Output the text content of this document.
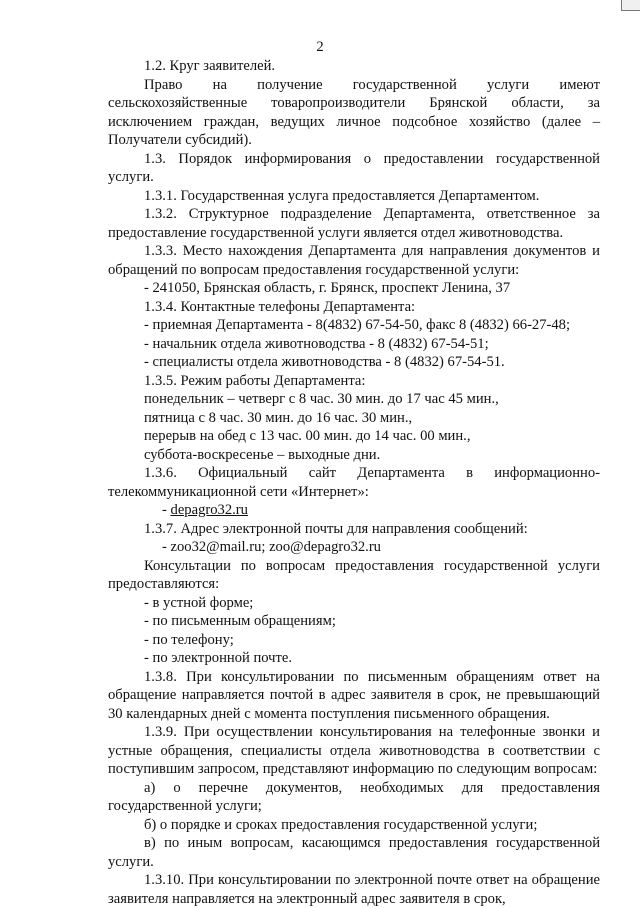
2

1.2. Круг заявителей.

Право на получение государственной услуги имеют сельскохозяйственные товаропроизводители Брянской области, за исключением граждан, ведущих личное подсобное хозяйство (далее – Получатели субсидий).

1.3. Порядок информирования о предоставлении государственной услуги.

1.3.1. Государственная услуга предоставляется Департаментом.

1.3.2. Структурное подразделение Департамента, ответственное за предоставление государственной услуги является отдел животноводства.

1.3.3. Место нахождения Департамента для направления документов и обращений по вопросам предоставления государственной услуги:

- 241050, Брянская область, г. Брянск, проспект Ленина, 37

1.3.4. Контактные телефоны Департамента:

- приемная Департамента - 8(4832) 67-54-50, факс 8 (4832) 66-27-48;

- начальник отдела животноводства - 8 (4832) 67-54-51;

- специалисты отдела животноводства - 8 (4832) 67-54-51.

1.3.5. Режим работы Департамента:

понедельник – четверг с 8 час. 30 мин. до 17 час 45 мин.,

пятница с 8 час. 30 мин. до 16 час. 30 мин.,

перерыв на обед с 13 час. 00 мин. до 14 час. 00 мин.,

суббота-воскресенье – выходные дни.

1.3.6. Официальный сайт Департамента в информационно-телекоммуникационной сети «Интернет»:

- depagro32.ru

1.3.7. Адрес электронной почты для направления сообщений:

- zoo32@mail.ru; zoo@depagro32.ru

Консультации по вопросам предоставления государственной услуги предоставляются:

- в устной форме;

- по письменным обращениям;

- по телефону;

- по электронной почте.

1.3.8. При консультировании по письменным обращениям ответ на обращение направляется почтой в адрес заявителя в срок, не превышающий 30 календарных дней с момента поступления письменного обращения.

1.3.9. При осуществлении консультирования на телефонные звонки и устные обращения, специалисты отдела животноводства в соответствии с поступившим запросом, представляют информацию по следующим вопросам:

а) о перечне документов, необходимых для предоставления государственной услуги;

б) о порядке и сроках предоставления государственной услуги;

в) по иным вопросам, касающимся предоставления государственной услуги.

1.3.10. При консультировании по электронной почте ответ на обращение заявителя направляется на электронный адрес заявителя в срок,
